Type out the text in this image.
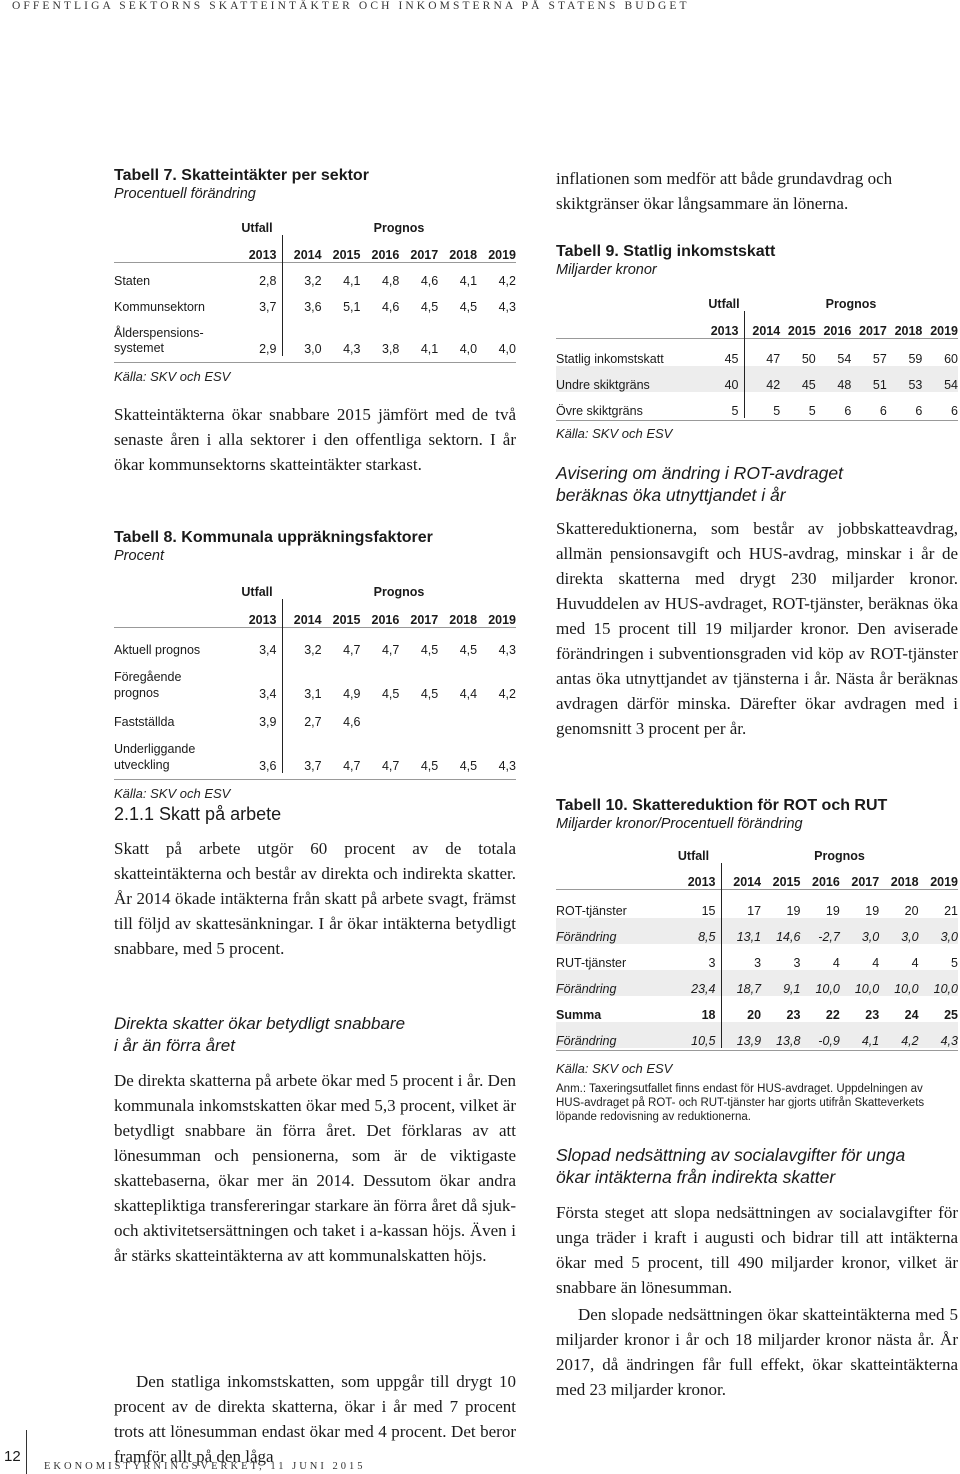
OFFENTLIGA SEKTORNS SKATTEINTÄKTER OCH INKOMSTERNA PÅ STATENS BUDGET
Tabell 7. Skatteintäkter per sektor
Procentuell förändring
	Utfall	Prognos					
	2013	2014	2015	2016	2017	2018	2019
Staten	2,8	3,2	4,1	4,8	4,6	4,1	4,2
Kommunsektorn	3,7	3,6	5,1	4,6	4,5	4,5	4,3
Ålderspensions-
systemet	2,9	3,0	4,3	3,8	4,1	4,0	4,0
Källa: SKV och ESV

Skatteintäkterna ökar snabbare 2015 jämfört med de två senaste åren i alla sektorer i den offentliga sektorn. I år ökar kommunsektorns skatteintäkter starkast.

Tabell 8. Kommunala uppräkningsfaktorer
Procent
	Utfall	Prognos					
	2013	2014	2015	2016	2017	2018	2019
Aktuell prognos	3,4	3,2	4,7	4,7	4,5	4,5	4,3
Föregående
prognos	3,4	3,1	4,9	4,5	4,5	4,4	4,2
Fastställda	3,9	2,7	4,6				
Underliggande
utveckling	3,6	3,7	4,7	4,7	4,5	4,5	4,3
Källa: SKV och ESV
2.1.1 Skatt på arbete

Skatt på arbete utgör 60 procent av de totala skatteintäkterna och består av direkta och indirekta skatter. År 2014 ökade intäkterna från skatt på arbete svagt, främst till följd av skattesänkningar. I år ökar intäkterna betydligt snabbare, med 5 procent.

Direkta skatter ökar betydligt snabbare
i år än förra året

De direkta skatterna på arbete ökar med 5 procent i år. Den kommunala inkomstskatten ökar med 5,3 procent, vilket är betydligt snabbare än förra året. Det förklaras av att lönesumman och pensionerna, som är de viktigaste skattebaserna, ökar mer än 2014. Dessutom ökar andra skattepliktiga transfereringar starkare än förra året då sjuk- och aktivitetsersättningen och taket i a-kassan höjs. Även i år stärks skatteintäkterna av att kommunalskatten höjs.

Den statliga inkomstskatten, som uppgår till drygt 10 procent av de direkta skatterna, ökar i år med 7 procent trots att lönesumman endast ökar med 4 procent. Det beror framför allt på den låga

inflationen som medför att både grundavdrag och skiktgränser ökar långsammare än lönerna.

Tabell 9. Statlig inkomstskatt
Miljarder kronor
	Utfall	Prognos					
	2013	2014	2015	2016	2017	2018	2019
Statlig inkomstskatt	45	47	50	54	57	59	60
Undre skiktgräns	40	42	45	48	51	53	54
Övre skiktgräns	5	5	5	6	6	6	6
Källa: SKV och ESV
Avisering om ändring i ROT-avdraget
beräknas öka utnyttjandet i år

Skattereduktionerna, som består av jobbskatteavdrag, allmän pensionsavgift och HUS-avdrag, minskar i år de direkta skatterna med drygt 230 miljarder kronor. Huvuddelen av HUS-avdraget, ROT-tjänster, beräknas öka med 15 procent till 19 miljarder kronor. Den aviserade förändringen i subventionsgraden vid köp av ROT-tjänster antas öka utnyttjandet av tjänsterna i år. Nästa år beräknas avdragen därför minska. Därefter ökar avdragen med i genomsnitt 3 procent per år.

Tabell 10. Skattereduktion för ROT och RUT
Miljarder kronor/Procentuell förändring
	Utfall	Prognos					
	2013	2014	2015	2016	2017	2018	2019
ROT-tjänster	15	17	19	19	19	20	21
Förändring	8,5	13,1	14,6	-2,7	3,0	3,0	3,0
RUT-tjänster	3	3	3	4	4	4	5
Förändring	23,4	18,7	9,1	10,0	10,0	10,0	10,0
Summa	18	20	23	22	23	24	25
Förändring	10,5	13,9	13,8	-0,9	4,1	4,2	4,3
Källa: SKV och ESV
Anm.: Taxeringsutfallet finns endast för HUS-avdraget. Uppdelningen av HUS-avdraget på ROT- och RUT-tjänster har gjorts utifrån Skatteverkets löpande redovisning av reduktionerna.
Slopad nedsättning av socialavgifter för unga
ökar intäkterna från indirekta skatter

Första steget att slopa nedsättningen av socialavgifter för unga träder i kraft i augusti och bidrar till att intäkterna ökar med 5 procent, till 490 miljarder kronor, vilket är snabbare än lönesumman.

Den slopade nedsättningen ökar skatteintäkterna med 5 miljarder kronor i år och 18 miljarder kronor nästa år. År 2017, då ändringen får full effekt, ökar skatteintäkterna med 23 miljarder kronor.

12
EKONOMISTYRNINGSVERKET, 11 JUNI 2015
